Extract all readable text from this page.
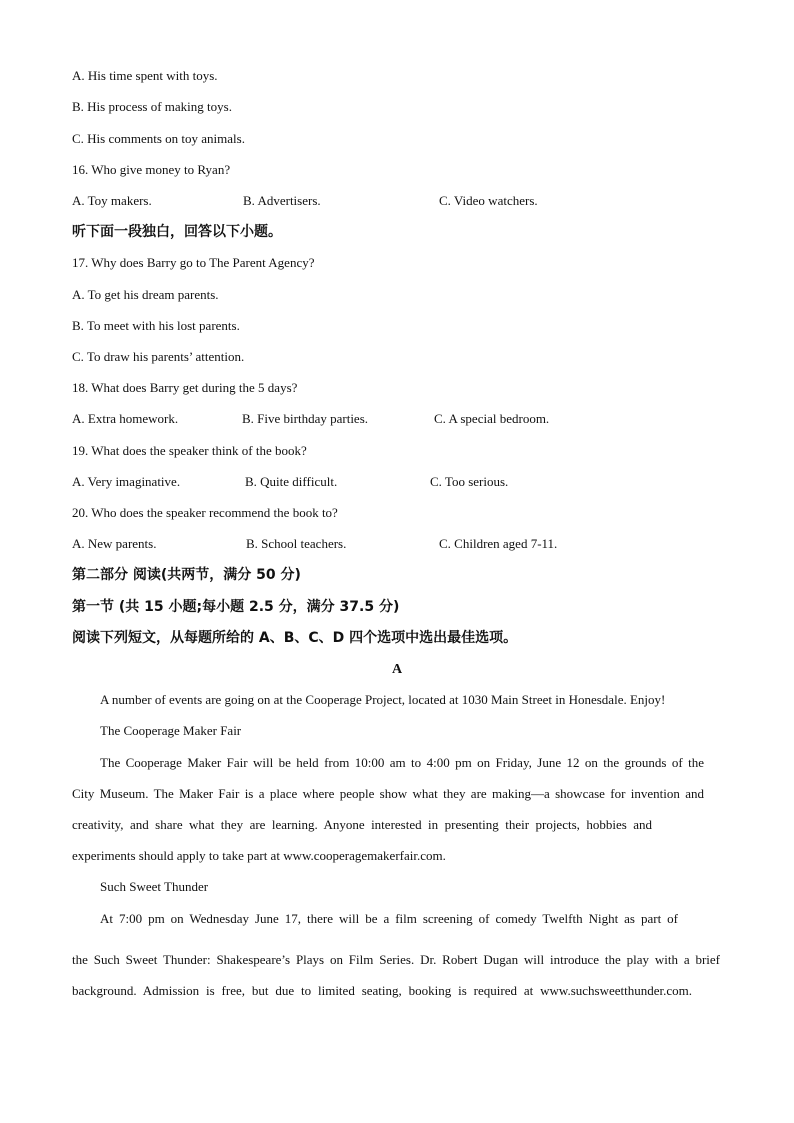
A. His time spent with toys.
B. His process of making toys.
C. His comments on toy animals.
16. Who give money to Ryan?
A. Toy makers.	B. Advertisers.	C. Video watchers.
听下面一段独白，回答以下小题。
17. Why does Barry go to The Parent Agency?
A. To get his dream parents.
B. To meet with his lost parents.
C. To draw his parents’ attention.
18. What does Barry get during the 5 days?
A. Extra homework.	B. Five birthday parties.	C. A special bedroom.
19. What does the speaker think of the book?
A. Very imaginative.	B. Quite difficult.	C. Too serious.
20. Who does the speaker recommend the book to?
A. New parents.	B. School teachers.	C. Children aged 7-11.
第二部分 阅读(共两节，满分 50 分)
第一节 (共 15 小题;每小题 2.5 分，满分 37.5 分)
阅读下列短文，从每题所给的 A、B、C、D 四个选项中选出最佳选项。
A
A number of events are going on at the Cooperage Project, located at 1030 Main Street in Honesdale. Enjoy!
The Cooperage Maker Fair
The Cooperage Maker Fair will be held from 10:00 am to 4:00 pm on Friday, June 12 on the grounds of the
City Museum. The Maker Fair is a place where people show what they are making—a showcase for invention and
creativity, and share what they are learning. Anyone interested in presenting their projects, hobbies and
experiments should apply to take part at www.cooperagemakerfair.com.
Such Sweet Thunder
At 7:00 pm on Wednesday June 17, there will be a film screening of comedy Twelfth Night as part of
the Such Sweet Thunder: Shakespeare’s Plays on Film Series. Dr. Robert Dugan will introduce the play with a brief
background. Admission is free, but due to limited seating, booking is required at www.suchsweetthunder.com.
